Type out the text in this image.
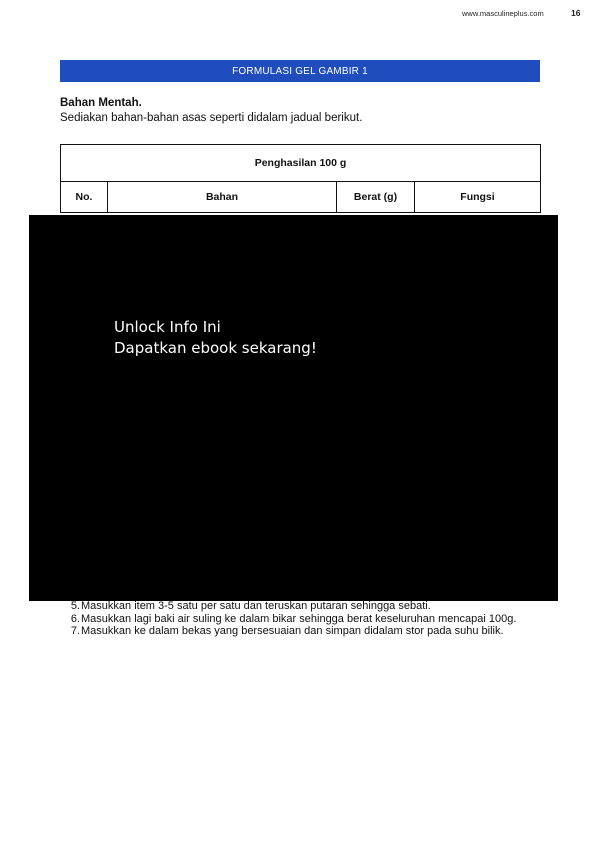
www.masculineplus.com	16
FORMULASI GEL GAMBIR 1
Bahan Mentah.
Sediakan bahan-bahan asas seperti didalam jadual berikut.
Penghasilan 100 g
No.	Bahan	Berat (g)	Fungsi
Unlock Info Ini
Dapatkan ebook sekarang!
5. Masukkan item 3-5 satu per satu dan teruskan putaran sehingga sebati.
6. Masukkan lagi baki air suling ke dalam bikar sehingga berat keseluruhan mencapai 100g.
7. Masukkan ke dalam bekas yang bersesuaian dan simpan didalam stor pada suhu bilik.
